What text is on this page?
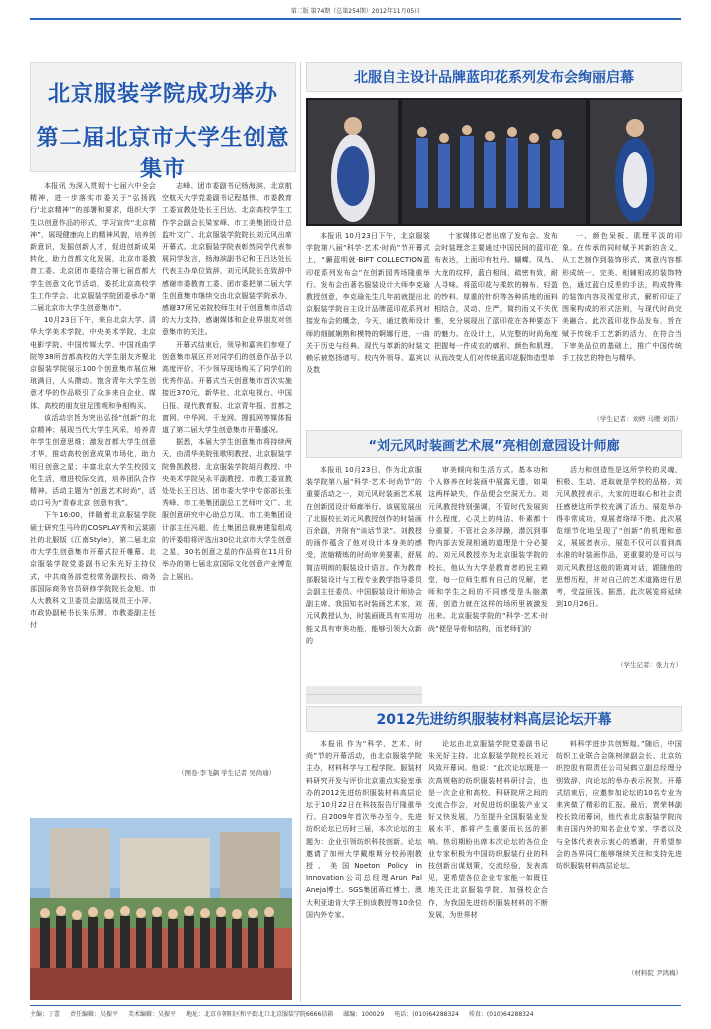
第二版 第74期（总第254期）2012年11月05日
北京服装学院成功举办
第二届北京市大学生创意集市

本报讯 为深入贯彻十七届六中全会精神，进一步落实市委关于“弘扬践行‘北京精神’”的部署和要求，组织大学生以创意作品的形式，学习宣传“北京精神”，展现健康向上的精神风貌，培养创新意识，发掘创新人才，促进创新成果转化，助力首都文化发展，北京市委教育工委、北京团市委结合第七届首都大学生创意文化节活动，委托北京高校学生工作学会、北京服装学院团委承办“第二届北京市大学生创意集市”。

10月23日下午，来自北京大学、清华大学美术学院、中央美术学院、北京电影学院、中国传媒大学、中国戏曲学院等38所首都高校的大学生朋友齐聚北京服装学院展示100个创意集市展位琳琅满目，人头攒动。饱含青年大学生创意才华的作品吸引了众多来自企业、媒体、高校的朋友驻足围观和争相购买。

该活动宗旨为突出弘扬“创新”的北京精神；展现当代大学生风采，培养青年学生创意思维；激发首都大学生创意才华，推动高校创意成果市场化，助力明日创意之星；丰富北京大学生校园文化生活，增进校际交流，培养团队合作精神。活动主题为“创意艺术时尚”，活动口号为“青春北京 创意有我”。

下午16:00，伴随着北京服装学院硕士研究生马玲的COSPLAY秀和云裳剧社的北服版《江南Style》，第二届北京市大学生创意集市开幕式拉开帷幕。北京服装学院党委副书记朱光好主持仪式，中共商务部党校常务副校长、商务部国际商务官员研修学院院长金旭、市人大教科文卫委员会副巡视员王小萍、市政协副秘书长朱乐滞、市教委副主任付

志峰、团市委副书记杨海滨、北京航空航天大学党委副书记程基伟、市委教育工委宣教处处长王吕达、北京高校学生工作学会副会长梁家峰、市工美集团设计总监叶文广、北京服装学院院长刘元风出席开幕式。北京服装学院表彰然同学代表参展同学发言，杨海滨副书记和王吕达处长代表主办单位致辞，刘元风院长在致辞中感谢市委教育工委、团市委把第二届大学生创意集市继续交由北京服装学院承办，感谢37所兄弟院校师生对于创意集市活动的大力支持，感谢媒体和企业界朋友对创意集市的关注。

开幕式结束后，领导和嘉宾们参观了创意集市展区并对同学们的创意作品予以高度评价，不少领导现场购买了同学们的优秀作品。开幕式当天创意集市首次实施接近370元，新华社、北京电视台、中国日报、现代教育报、北京青年报、首都之窗网、中华网、千龙网、搜狐网等媒体报道了第二届大学生创意集市开幕盛况。

据悉，本届大学生创意集市将持续两天，由清华美院张歌明教授、北京服装学院鲁凯教授、北京服装学院胡月教授、中央美术学院吴永平副教授、市教工委宣教处处长王吕达、团市委大学中专部部长张秀峰、市工美集团副总工艺师叶文广、北服创意研究中心助总万凤、市工美集团设计部主任冯超、佐上集团总裁唐建玺组成的评委组将评选出30位北京市大学生创意之星，30名创意之星的作品将在11月份举办的第七届北京国际文化创意产业博览会上展出。

（图卷·李飞飙 学生记者 吴尚瑜）
北服自主设计品牌蓝印花系列发布会绚丽启幕

本报讯 10月23日下午，北京服装学院第八届“科学·艺术·时尚”节开幕式上，“獬蓝明就·BIFT COLLECTION蓝印花系列发布会”在创新园秀场隆重举行。发布会由著名服装设计大师李克瑜教授创意，李克瑜先生几年前就提出北京服装学院自主设计品牌蓝印花系列对接发布会的概念，今天，通过教师设计师的细腻娴熟和模特的婀娜行进，一曲关于历史与经典、现代与革新的时装文赖乐被悠扬谱写。校内外领导、嘉宾以及数

十家媒体记者出席了发布会。发布会时装理念主要通过中国民间的蓝印花布表达，上面印有牡丹、蝴蝶、凤鸟、大龙的纹样，蓝白相间，疏密有致，耐人寻味。将蓝印花与柔软的棉布、轻盈的纱料、厚重的针织等各种质地的面料相结合，灵动、庄严，简约而又不失优雅，充分展现出了蓝印花在各种要态下的魅力。在设计上，从完整的时尚角度把握每一件成衣的廓形、颜色和肌理，从而改变人们对传统蓝印花服饰造型单

一、颜色呆板、肌理平淡的印象。在传承的同时赋予其新的含义，从工艺制作到装饰形式，寓意内容都形成统一、完美、相辅相成的装饰特色，通过蓝白反差的手法，构成特殊的装饰内容及视觉形式，解析印证了图案构成的形式法则，与现代时尚完美融合。此次蓝印花作品发布，旨在赋予传统手工艺新的活力，在符合当下审美品位的基础上，推广中国传统手工技艺的特色与精华。

（学生记者：刘婷 马缨 刘笛）
“刘元风时装画艺术展”亮相创意园设计师廊

本报讯 10月23日，作为北京服装学院第八届“科学·艺术·时尚节”的重要活动之一，刘元风时装画艺术展在创新园设计师廊举行。该展览展出了北服校长刘元风教授创作的时装画百余副，并附有“谈话节录”。刘教授的画作蕴含了他对设计本身美的感受，浓缩精炼的时尚审美要素，舒展简洁明朗的服装设计语言。作为教育部服装设计与工程专业教学指导委员会副主任委员、中国服装设计师协会副主席、我国知名时装画艺术家，刘元风教授认为，时装画既具有实用功能又具有审美功能，能够引领大众新的

审美倾向和生活方式。基本功和个人修养在时装画中展露无遗，如果这两样缺失，作品便会空洞无力。刘元风教授特别强调，不管时代发展到什么程度，心灵上的纯洁、朴素都十分重要。不管社会多浮躁，潜沉到事物内部去发现相通的道理是十分必要的。刘元风教授亦为北京服装学院的校长，他认为大学是教育者的民主殿堂，每一位师生都有自己的见解，老师和学生之间的不同感受是头脑激荡，创造力就在这样的场所里被激发出来。北京服装学院的“科学·艺术·时尚”便是导骨和结构，而老师们的

活力和创造性是这所学校的灵魂，积极、生动、进取就是学校的品格。刘元风教授表示，大家的进取心和社会责任感使这所学校充满了活力。展览举办得非常成功，观展者络绎不绝。此次展览细节化地呈现了“创新”的机理和意义，展展者表示，展览不仅可以看到高水准的时装画作品，更重要的是可以与刘元风教授这般的距离对话，跟随他的思想历程，并对自己的艺术道路进行思考，受益匪浅。据悉，此次展览将延续到10月26日。

（学生记者：张力方）
2012先进纺织服装材料高层论坛开幕

本报讯 作为“科学、艺术、时尚”节的开幕活动，由北京服装学院主办，材料科学与工程学院、服装材料研究开发与评价北京重点实验室承办的2012先进纺织服装材料高层论坛于10月22日在科技报告厅隆重举行。自2009年首次举办至今，先进纺织论坛已历时三届，本次论坛的主题为：企业引领纺织科技创新。论坛邀请了加州大学戴维斯分校孙刚教授、美国Noeton Policy in Innovation公司总经理Arun Pal Aneja博士、SGS集团蒋红博士、澳大利亚迪肯大学王钥该教授等10余位国内外专家。

论坛由北京服装学院党委副书记朱光好主持。北京服装学院校长刘元风致开幕词。他说：“此次论坛既是一次高规格的纺织服装材料研讨会，也是一次企业和高校、科研院所之间的交流合作会，对促进纺织服装产业又好又快发展，乃至提升全国服装业发展水平，都将产生重要而长远的影响。热切期盼出席本次论坛的各位企业专家积极为中国纺织服装行业的科技创新出谋划策，交流经验，发表高见，更希望各位企业专家能一如既往地关注北京服装学院，加强校企合作，为我国先进纺织服装材料的不断发展，为世界材

料科学进步共创辉煌。”随后，中国纺织工业联合会陈树津副会长、北京纺织控股有限责任公司吴鹤立副总经理分别致辞，向论坛的举办表示祝贺。开幕式结束后，应邀参加论坛的10名专业为来宾做了精彩的汇报。最后，贾荣林副校长致闭幕词，他代表北京服装学院向来自国内外的知名企业专家、学者以及与全体代表表示衷心的感谢，并希望参会的各界同仁能够继续关注和支持先进纺织服装材料高层论坛。

（材料院 尹鸿梅）
主编：丁蕾 责任编辑：吴振平 美术编辑：吴振平 地址：北京市朝阳区和平街北口北京服装学院6666信箱 邮编：100029 电话：(010)64288324 传真：(010)64288324
